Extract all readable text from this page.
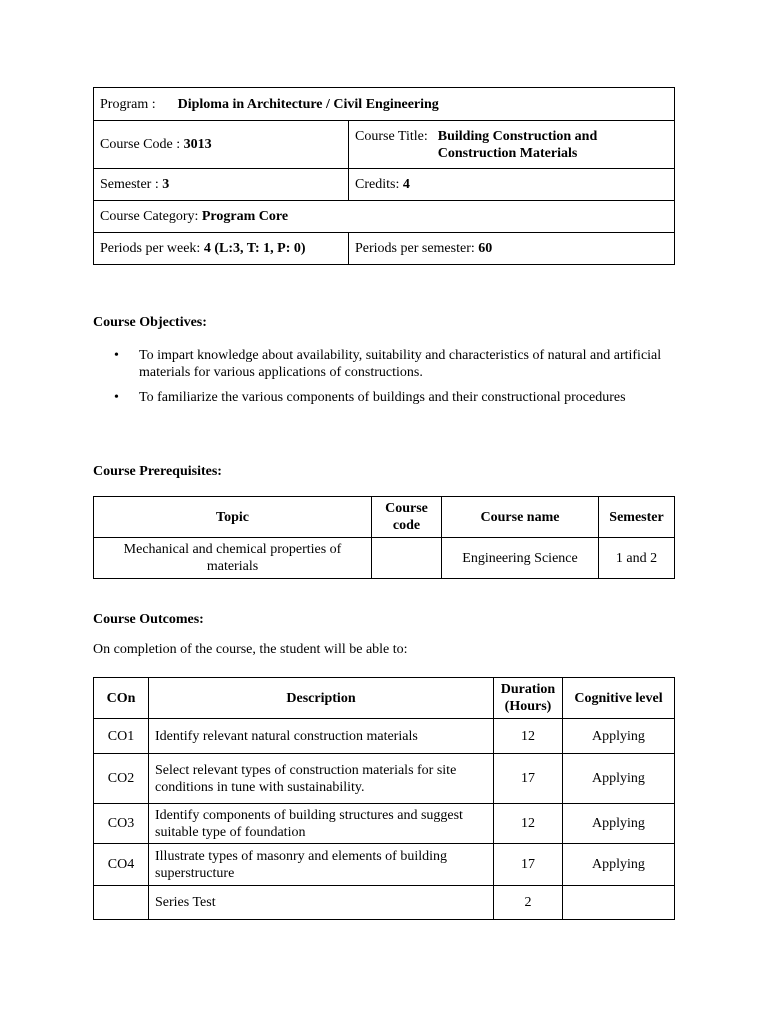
Program : Diploma in Architecture / Civil Engineering	
Course Code : 3013	Course Title: Building Construction and
Construction Materials

Semester : 3	Credits: 4
Course Category: Program Core	
Periods per week: 4 (L:3, T: 1, P: 0)	Periods per semester: 60
Course Objectives:
• To impart knowledge about availability, suitability and characteristics of natural and artificial materials for various applications of constructions.
• To familiarize the various components of buildings and their constructional procedures
Course Prerequisites:
Topic	Course code	Course name	Semester
Mechanical and chemical properties of materials		Engineering Science	1 and 2
Course Outcomes:
On completion of the course, the student will be able to:
COn	Description	Duration (Hours)	Cognitive level
CO1	Identify relevant natural construction materials	12	Applying
CO2	Select relevant types of construction materials for site conditions in tune with sustainability.	17	Applying
CO3	Identify components of building structures and suggest suitable type of foundation	12	Applying
CO4	Illustrate types of masonry and elements of building superstructure	17	Applying
	Series Test	2	
